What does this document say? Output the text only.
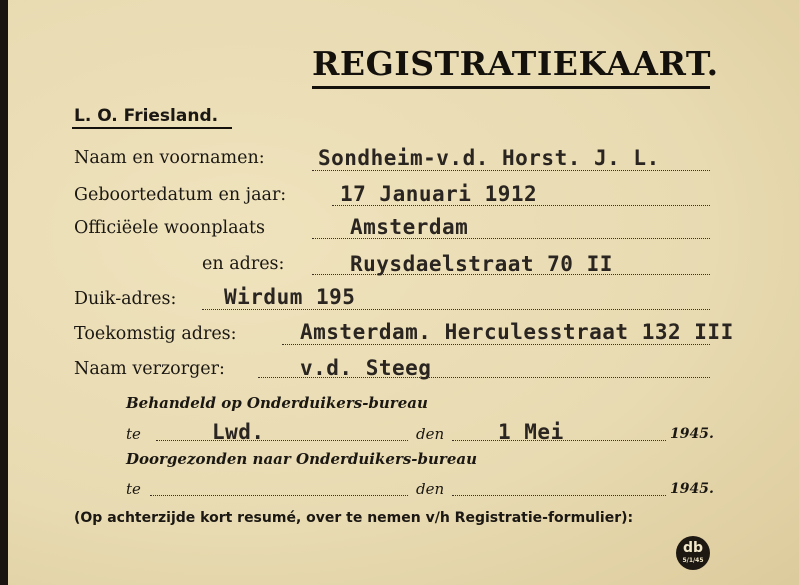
REGISTRATIEKAART.
L. O. Friesland.
Naam en voornamen:	Sondheim-v.d. Horst. J. L.
Geboortedatum en jaar:	17 Januari 1912
Officiëele woonplaats	Amsterdam
en adres:	Ruysdaelstraat 70 II
Duik-adres: Wirdum 195
Toekomstig adres:	Amsterdam. Herculesstraat 132 III
Naam verzorger:	v.d. Steeg
Behandeld op Onderduikers-bureau
te	Lwd.	den	1 Mei	1945.
Doorgezonden naar Onderduikers-bureau
te	den	1945.
(Op achterzijde kort resumé, over te nemen v/h Registratie-formulier):
db
5/1/45
